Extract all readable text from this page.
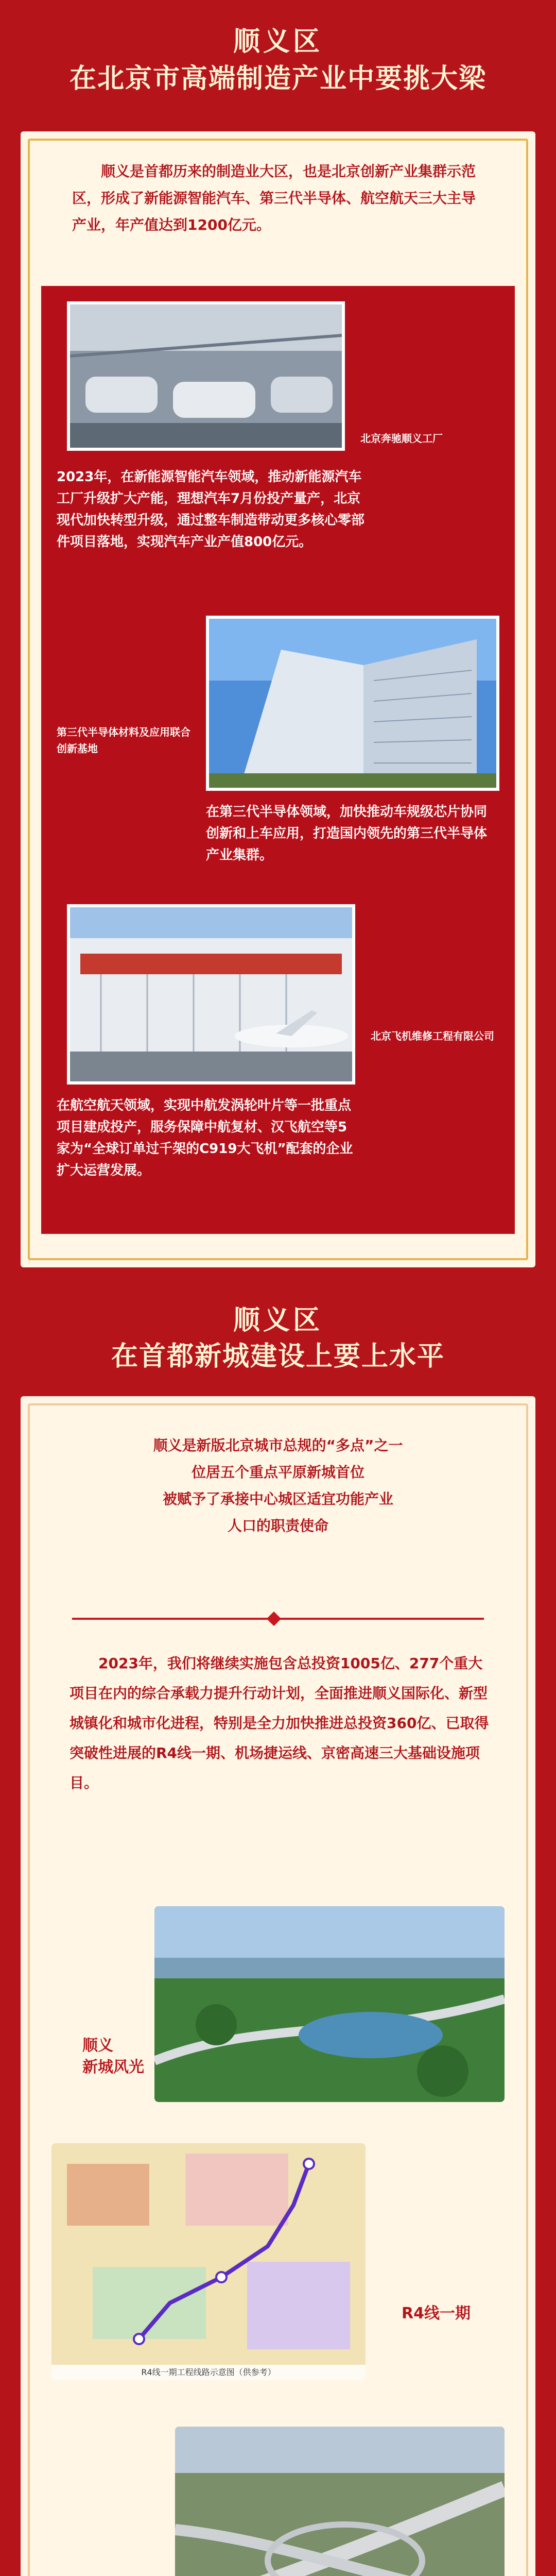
顺义区
在北京市高端制造产业中要挑大梁
顺义是首都历来的制造业大区，也是北京创新产业集群示范区，形成了新能源智能汽车、第三代半导体、航空航天三大主导产业，年产值达到1200亿元。
北京奔驰顺义工厂
2023年，在新能源智能汽车领域，推动新能源汽车工厂升级扩大产能，理想汽车7月份投产量产，北京现代加快转型升级，通过整车制造带动更多核心零部件项目落地，实现汽车产业产值800亿元。
第三代半导体材料及应用联合创新基地
在第三代半导体领域，加快推动车规级芯片协同创新和上车应用，打造国内领先的第三代半导体产业集群。
北京飞机维修工程有限公司
在航空航天领域，实现中航发涡轮叶片等一批重点项目建成投产，服务保障中航复材、汉飞航空等5家为“全球订单过千架的C919大飞机”配套的企业扩大运营发展。
顺义区
在首都新城建设上要上水平
顺义是新版北京城市总规的“多点”之一
位居五个重点平原新城首位
被赋予了承接中心城区适宜功能产业
人口的职责使命
2023年，我们将继续实施包含总投资1005亿、277个重大项目在内的综合承载力提升行动计划，全面推进顺义国际化、新型城镇化和城市化进程，特别是全力加快推进总投资360亿、已取得突破性进展的R4线一期、机场捷运线、京密高速三大基础设施项目。
顺义
新城风光
R4线一期工程线路示意图（供参考）
R4线一期
